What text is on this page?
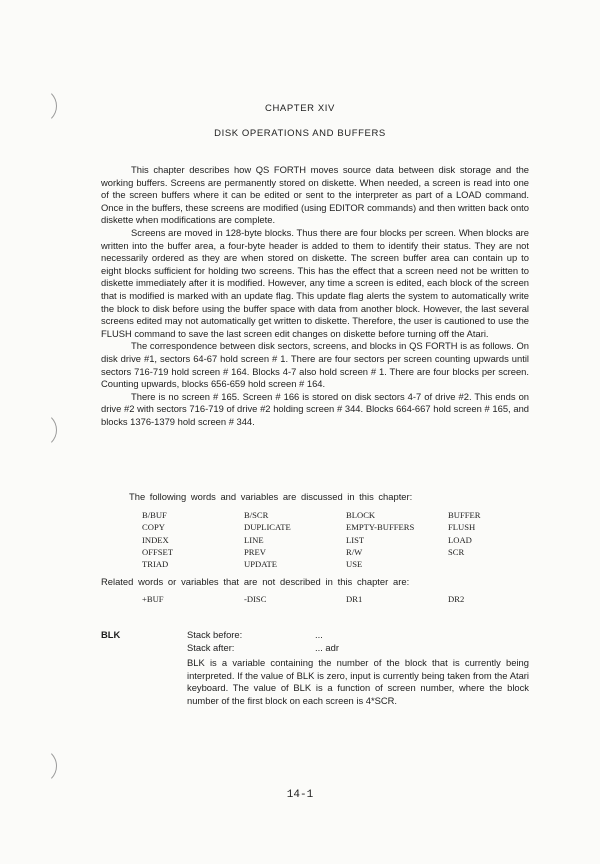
CHAPTER XIV
DISK OPERATIONS AND BUFFERS

This chapter describes how QS FORTH moves source data between disk storage and the working buffers. Screens are permanently stored on diskette. When needed, a screen is read into one of the screen buffers where it can be edited or sent to the interpreter as part of a LOAD command. Once in the buffers, these screens are modified (using EDITOR commands) and then written back onto diskette when modifications are complete.

Screens are moved in 128-byte blocks. Thus there are four blocks per screen. When blocks are written into the buffer area, a four-byte header is added to them to identify their status. They are not necessarily ordered as they are when stored on diskette. The screen buffer area can contain up to eight blocks sufficient for holding two screens. This has the effect that a screen need not be written to diskette immediately after it is modified. However, any time a screen is edited, each block of the screen that is modified is marked with an update flag. This update flag alerts the system to automatically write the block to disk before using the buffer space with data from another block. However, the last several screens edited may not automatically get written to diskette. Therefore, the user is cautioned to use the FLUSH command to save the last screen edit changes on diskette before turning off the Atari.

The correspondence between disk sectors, screens, and blocks in QS FORTH is as follows. On disk drive #1, sectors 64-67 hold screen # 1. There are four sectors per screen counting upwards until sectors 716-719 hold screen # 164. Blocks 4-7 also hold screen # 1. There are four blocks per screen. Counting upwards, blocks 656-659 hold screen # 164.

There is no screen # 165. Screen # 166 is stored on disk sectors 4-7 of drive #2. This ends on drive #2 with sectors 716-719 of drive #2 holding screen # 344. Blocks 664-667 hold screen # 165, and blocks 1376-1379 hold screen # 344.

The following words and variables are discussed in this chapter:
B/BUF	B/SCR	BLOCK	BUFFER
COPY	DUPLICATE	EMPTY-BUFFERS	FLUSH
INDEX	LINE	LIST	LOAD
OFFSET	PREV	R/W	SCR
TRIAD	UPDATE	USE
Related words or variables that are not described in this chapter are:
+BUF	-DISC	DR1	DR2
BLK	Stack before:	...
Stack after:	... adr
BLK is a variable containing the number of the block that is currently being interpreted. If the value of BLK is zero, input is currently being taken from the Atari keyboard. The value of BLK is a function of screen number, where the block number of the first block on each screen is 4*SCR.
14-1
